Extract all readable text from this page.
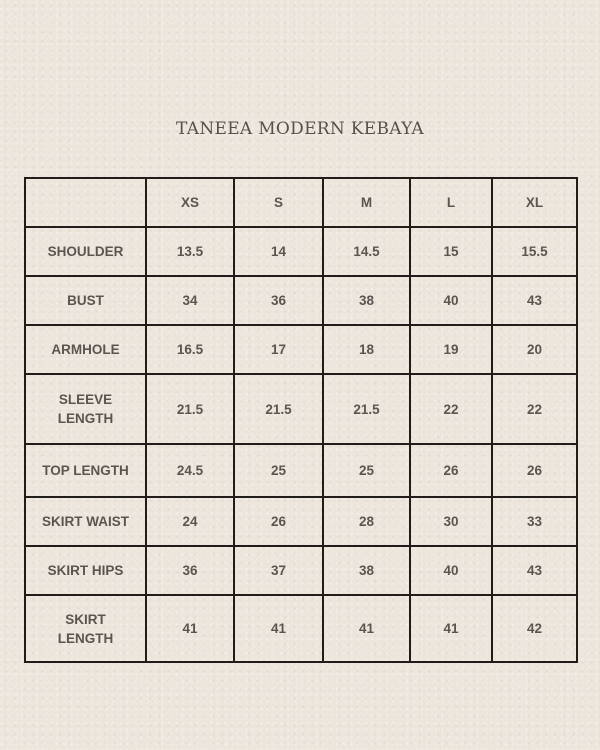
TANEEA MODERN KEBAYA
	XS	S	M	L	XL
SHOULDER	13.5	14	14.5	15	15.5
BUST	34	36	38	40	43
ARMHOLE	16.5	17	18	19	20

SLEEVE
LENGTH	21.5	21.5	21.5	22	22
TOP LENGTH	24.5	25	25	26	26
SKIRT WAIST	24	26	28	30	33
SKIRT HIPS	36	37	38	40	43

SKIRT
LENGTH	41	41	41	41	42
